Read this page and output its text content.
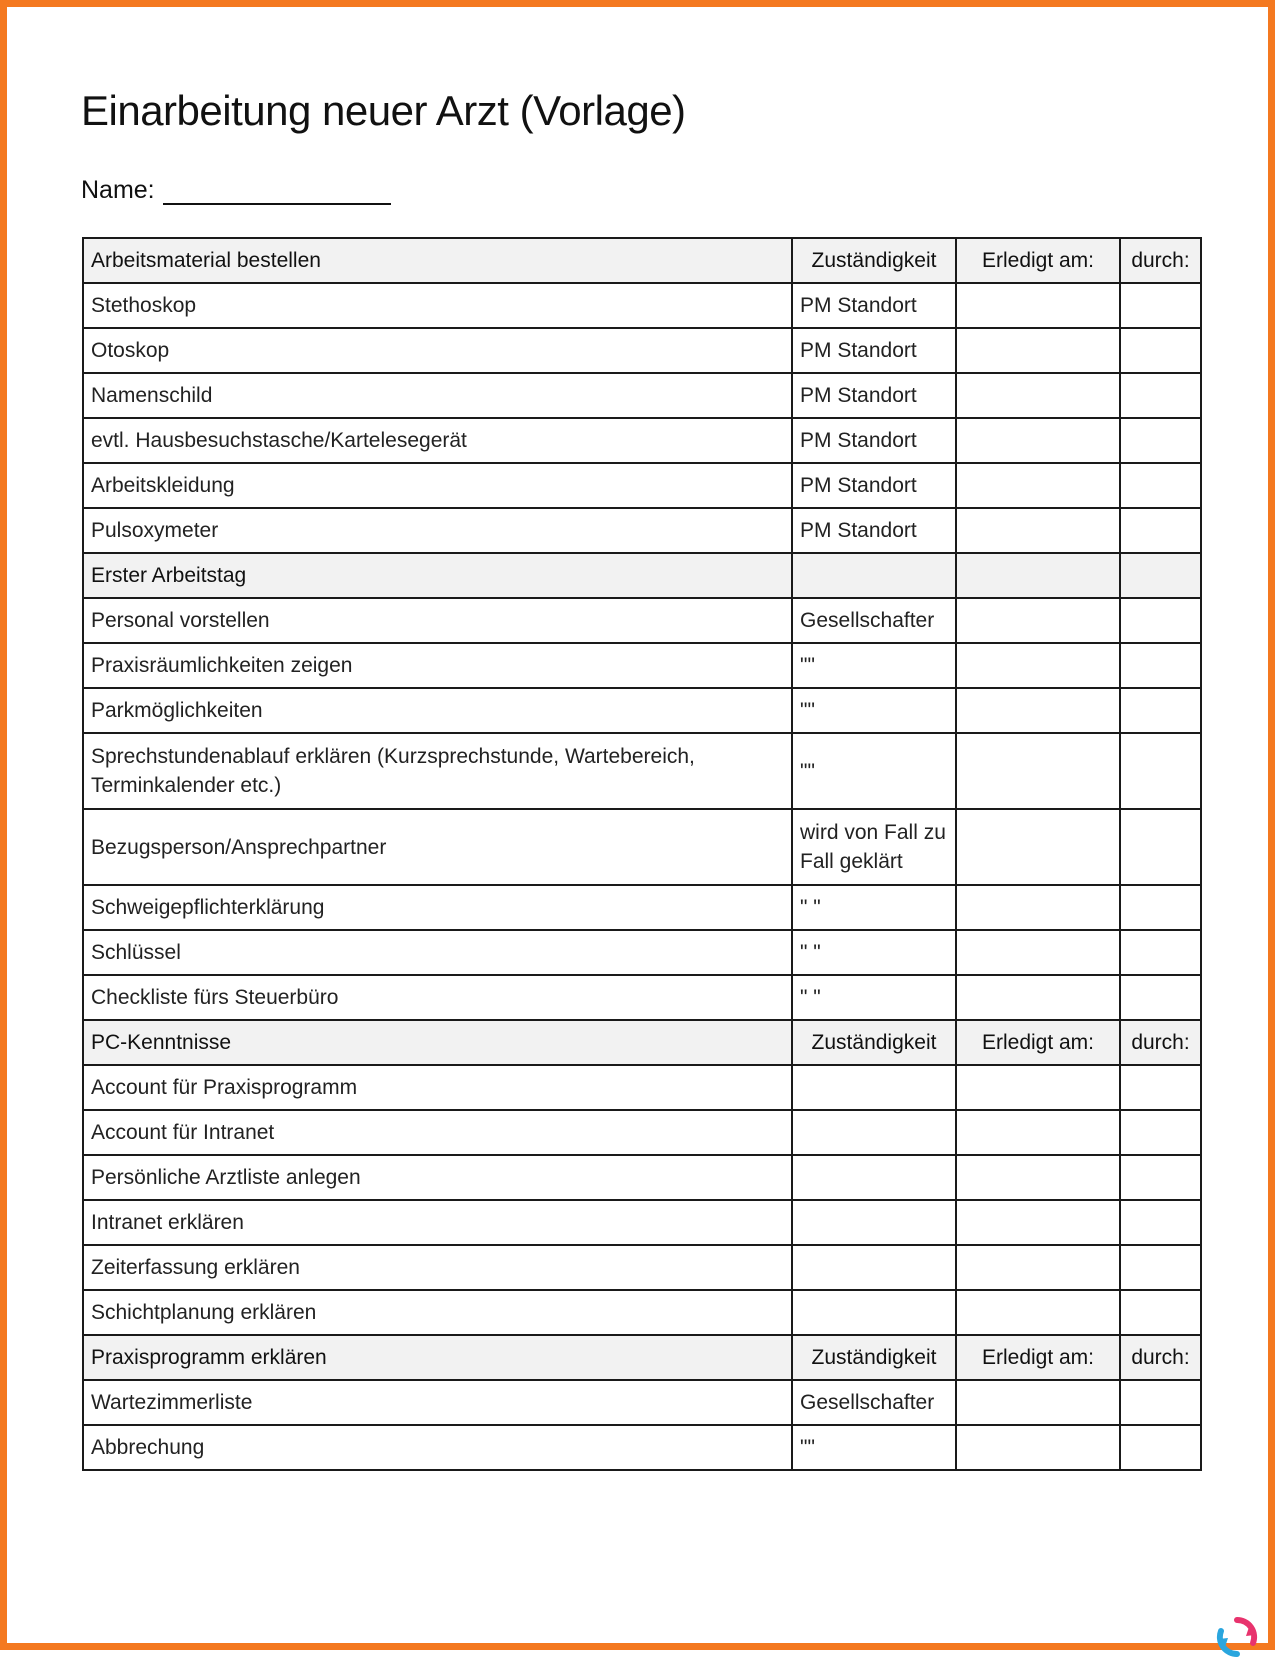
Einarbeitung neuer Arzt (Vorlage)
Name:
Arbeitsmaterial bestellen	Zuständigkeit	Erledigt am:	durch:
Stethoskop	PM Standort		
Otoskop	PM Standort		
Namenschild	PM Standort		
evtl. Hausbesuchstasche/Kartelesegerät	PM Standort		
Arbeitskleidung	PM Standort		
Pulsoxymeter	PM Standort		
Erster Arbeitstag			
Personal vorstellen	Gesellschafter		
Praxisräumlichkeiten zeigen	""		
Parkmöglichkeiten	""		
Sprechstundenablauf erklären (Kurzsprechstunde, Wartebereich, Terminkalender etc.)	""		
Bezugsperson/Ansprechpartner	wird von Fall zu Fall geklärt		
Schweigepflichterklärung	" "		
Schlüssel	" "		
Checkliste fürs Steuerbüro	" "		
PC-Kenntnisse	Zuständigkeit	Erledigt am:	durch:
Account für Praxisprogramm			
Account für Intranet			
Persönliche Arztliste anlegen			
Intranet erklären			
Zeiterfassung erklären			
Schichtplanung erklären			
Praxisprogramm erklären	Zuständigkeit	Erledigt am:	durch:
Wartezimmerliste	Gesellschafter		
Abbrechung	""		
